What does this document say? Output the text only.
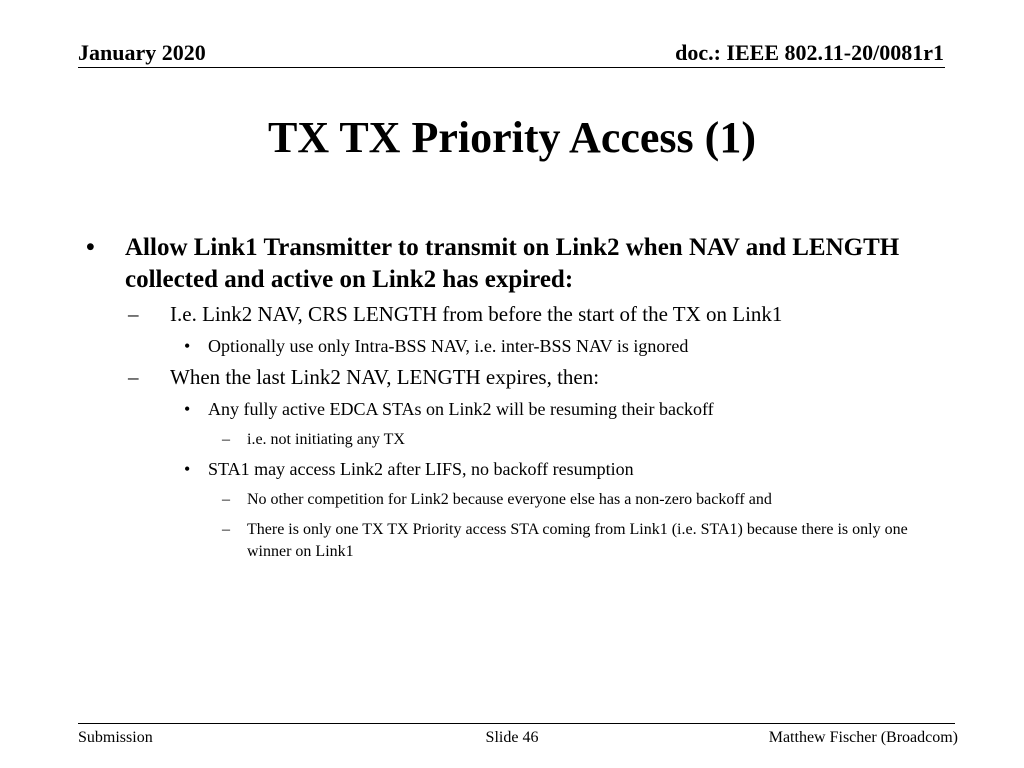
January 2020	doc.: IEEE 802.11-20/0081r1
TX TX Priority Access (1)
• Allow Link1 Transmitter to transmit on Link2 when NAV and LENGTH collected and active on Link2 has expired:
– I.e. Link2 NAV, CRS LENGTH from before the start of the TX on Link1
• Optionally use only Intra-BSS NAV, i.e. inter-BSS NAV is ignored
– When the last Link2 NAV, LENGTH expires, then:
• Any fully active EDCA STAs on Link2 will be resuming their backoff
– i.e. not initiating any TX
• STA1 may access Link2 after LIFS, no backoff resumption
– No other competition for Link2 because everyone else has a non-zero backoff and
– There is only one TX TX Priority access STA coming from Link1 (i.e. STA1) because there is only one winner on Link1
Submission	Slide 46	Matthew Fischer (Broadcom)
